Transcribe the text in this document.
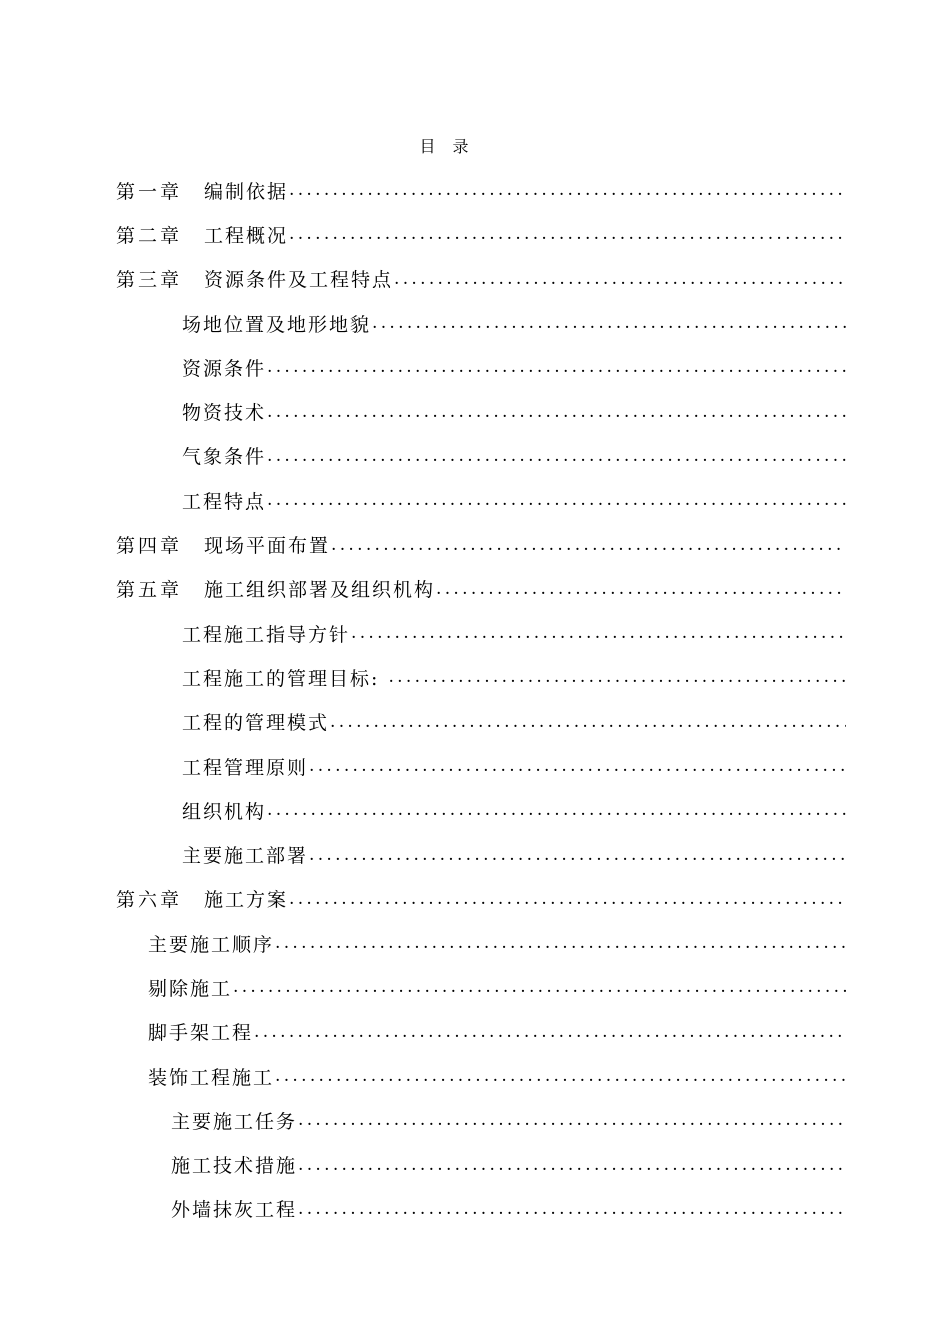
目 录
第一章 编制依据
.....
第二章 工程概况
.....
第三章 资源条件及工程特点
.....
场地位置及地形地貌
.....
资源条件
.....
物资技术
.....
气象条件
.....
工程特点
.....
第四章 现场平面布置
.....
第五章 施工组织部署及组织机构
.....
工程施工指导方针
.....
工程施工的管理目标:
.....
工程的管理模式
.....
工程管理原则
.....
组织机构
.....
主要施工部署
.....
第六章 施工方案
.....
主要施工顺序
.....
剔除施工
.....
脚手架工程
.....
装饰工程施工
.....
主要施工任务
.....
施工技术措施
.....
外墙抹灰工程
.....
